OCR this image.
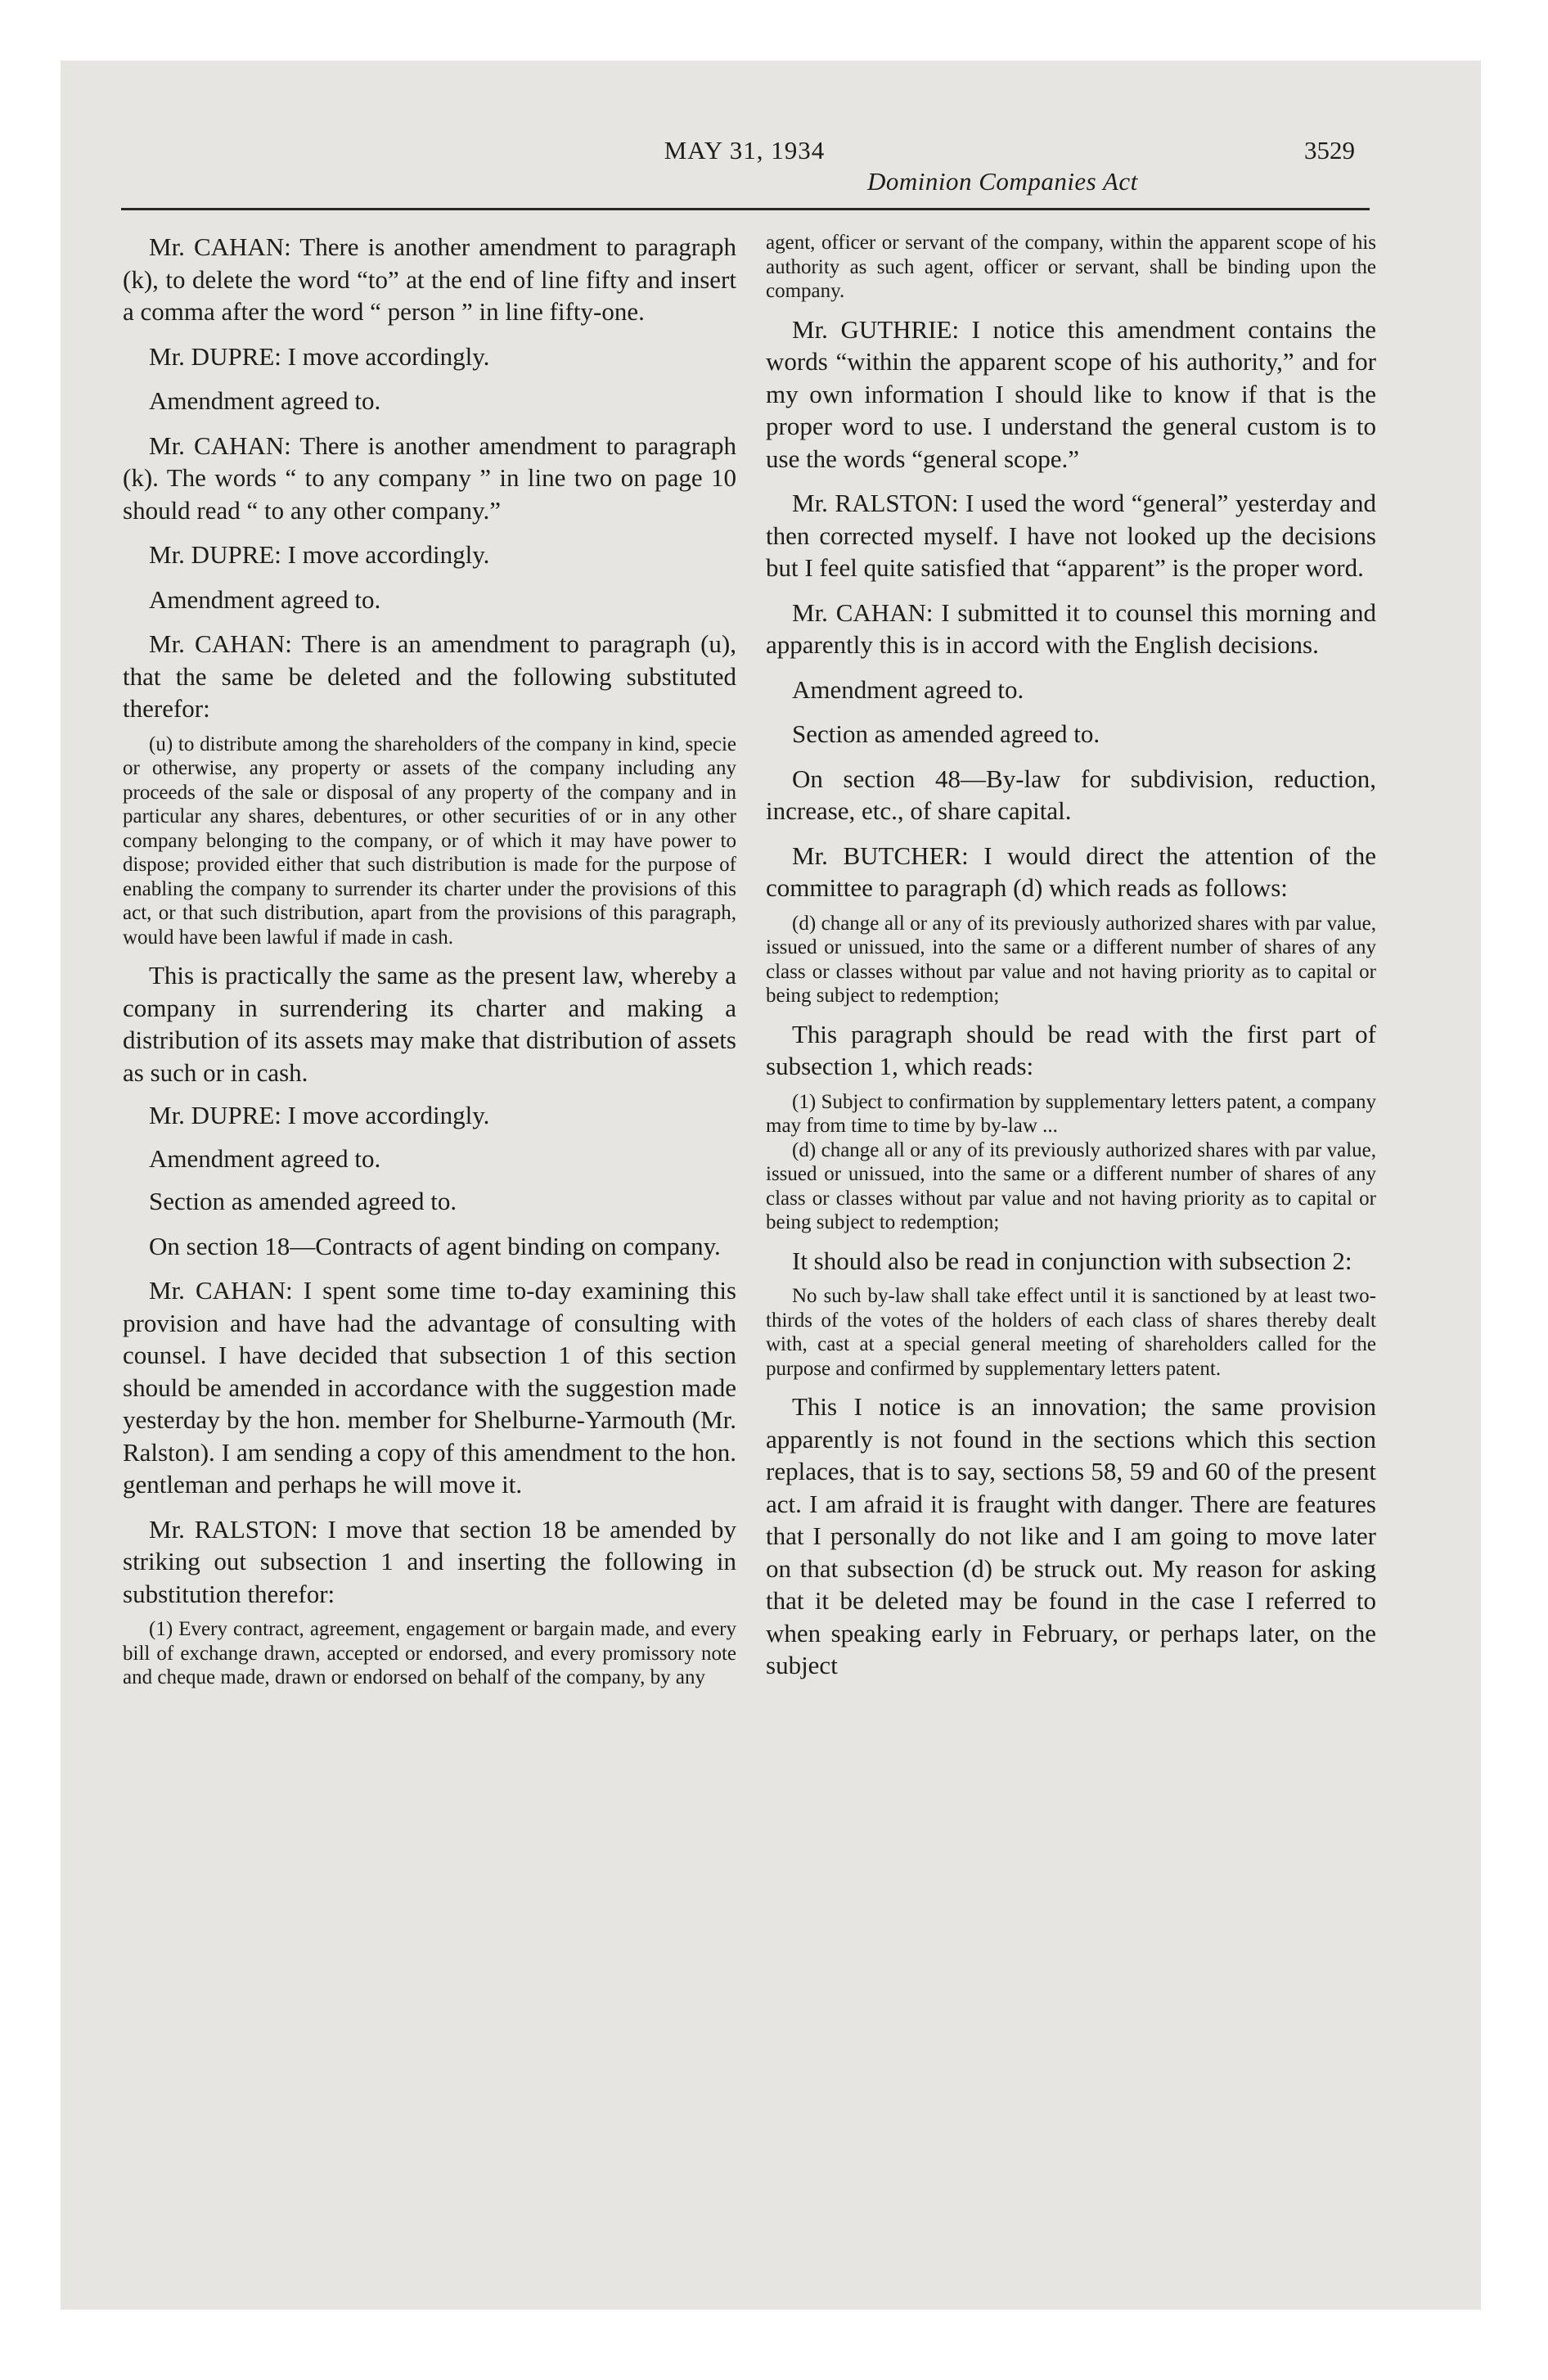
MAY 31, 1934	3529
Dominion Companies Act

Mr. CAHAN: There is another amendment to paragraph (k), to delete the word “to” at the end of line fifty and insert a comma after the word “ person ” in line fifty-one.

Mr. DUPRE: I move accordingly.

Amendment agreed to.

Mr. CAHAN: There is another amendment to paragraph (k). The words “ to any company ” in line two on page 10 should read “ to any other company.”

Mr. DUPRE: I move accordingly.

Amendment agreed to.

Mr. CAHAN: There is an amendment to paragraph (u), that the same be deleted and the following substituted therefor:

(u) to distribute among the shareholders of the company in kind, specie or otherwise, any property or assets of the company including any proceeds of the sale or disposal of any property of the company and in particular any shares, debentures, or other securities of or in any other company belonging to the company, or of which it may have power to dispose; provided either that such distribution is made for the purpose of enabling the company to surrender its charter under the provisions of this act, or that such distribution, apart from the provisions of this paragraph, would have been lawful if made in cash.

This is practically the same as the present law, whereby a company in surrendering its charter and making a distribution of its assets may make that distribution of assets as such or in cash.

Mr. DUPRE: I move accordingly.

Amendment agreed to.

Section as amended agreed to.

On section 18—Contracts of agent binding on company.

Mr. CAHAN: I spent some time to-day examining this provision and have had the advantage of consulting with counsel. I have decided that subsection 1 of this section should be amended in accordance with the suggestion made yesterday by the hon. member for Shelburne-Yarmouth (Mr. Ralston). I am sending a copy of this amendment to the hon. gentleman and perhaps he will move it.

Mr. RALSTON: I move that section 18 be amended by striking out subsection 1 and inserting the following in substitution therefor:

(1) Every contract, agreement, engagement or bargain made, and every bill of exchange drawn, accepted or endorsed, and every promissory note and cheque made, drawn or endorsed on behalf of the company, by any
agent, officer or servant of the company, within the apparent scope of his authority as such agent, officer or servant, shall be binding upon the company.

Mr. GUTHRIE: I notice this amendment contains the words “within the apparent scope of his authority,” and for my own information I should like to know if that is the proper word to use. I understand the general custom is to use the words “general scope.”

Mr. RALSTON: I used the word “general” yesterday and then corrected myself. I have not looked up the decisions but I feel quite satisfied that “apparent” is the proper word.

Mr. CAHAN: I submitted it to counsel this morning and apparently this is in accord with the English decisions.

Amendment agreed to.

Section as amended agreed to.

On section 48—By-law for subdivision, reduction, increase, etc., of share capital.

Mr. BUTCHER: I would direct the attention of the committee to paragraph (d) which reads as follows:

(d) change all or any of its previously authorized shares with par value, issued or unissued, into the same or a different number of shares of any class or classes without par value and not having priority as to capital or being subject to redemption;

This paragraph should be read with the first part of subsection 1, which reads:

(1) Subject to confirmation by supplementary letters patent, a company may from time to time by by-law ...
(d) change all or any of its previously authorized shares with par value, issued or unissued, into the same or a different number of shares of any class or classes without par value and not having priority as to capital or being subject to redemption;

It should also be read in conjunction with subsection 2:

No such by-law shall take effect until it is sanctioned by at least two-thirds of the votes of the holders of each class of shares thereby dealt with, cast at a special general meeting of shareholders called for the purpose and confirmed by supplementary letters patent.

This I notice is an innovation; the same provision apparently is not found in the sections which this section replaces, that is to say, sections 58, 59 and 60 of the present act. I am afraid it is fraught with danger. There are features that I personally do not like and I am going to move later on that subsection (d) be struck out. My reason for asking that it be deleted may be found in the case I referred to when speaking early in February, or perhaps later, on the subject
